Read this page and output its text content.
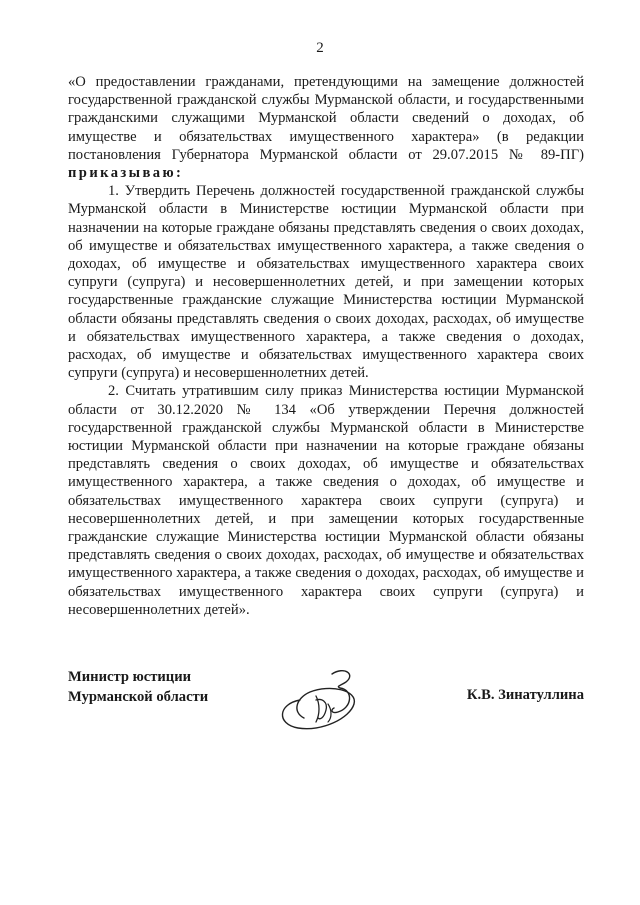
2

«О предоставлении гражданами, претендующими на замещение должностей государственной гражданской службы Мурманской области, и государственными гражданскими служащими Мурманской области сведений о доходах, об имуществе и обязательствах имущественного характера» (в редакции постановления Губернатора Мурманской области от 29.07.2015 № 89-ПГ) приказываю:

1. Утвердить Перечень должностей государственной гражданской службы Мурманской области в Министерстве юстиции Мурманской области при назначении на которые граждане обязаны представлять сведения о своих доходах, об имуществе и обязательствах имущественного характера, а также сведения о доходах, об имуществе и обязательствах имущественного характера своих супруги (супруга) и несовершеннолетних детей, и при замещении которых государственные гражданские служащие Министерства юстиции Мурманской области обязаны представлять сведения о своих доходах, расходах, об имуществе и обязательствах имущественного характера, а также сведения о доходах, расходах, об имуществе и обязательствах имущественного характера своих супруги (супруга) и несовершеннолетних детей.

2. Считать утратившим силу приказ Министерства юстиции Мурманской области от 30.12.2020 № 134 «Об утверждении Перечня должностей государственной гражданской службы Мурманской области в Министерстве юстиции Мурманской области при назначении на которые граждане обязаны представлять сведения о своих доходах, об имуществе и обязательствах имущественного характера, а также сведения о доходах, об имуществе и обязательствах имущественного характера своих супруги (супруга) и несовершеннолетних детей, и при замещении которых государственные гражданские служащие Министерства юстиции Мурманской области обязаны представлять сведения о своих доходах, расходах, об имуществе и обязательствах имущественного характера, а также сведения о доходах, расходах, об имуществе и обязательствах имущественного характера своих супруги (супруга) и несовершеннолетних детей».

Министр юстиции
Мурманской области	К.В. Зинатуллина
